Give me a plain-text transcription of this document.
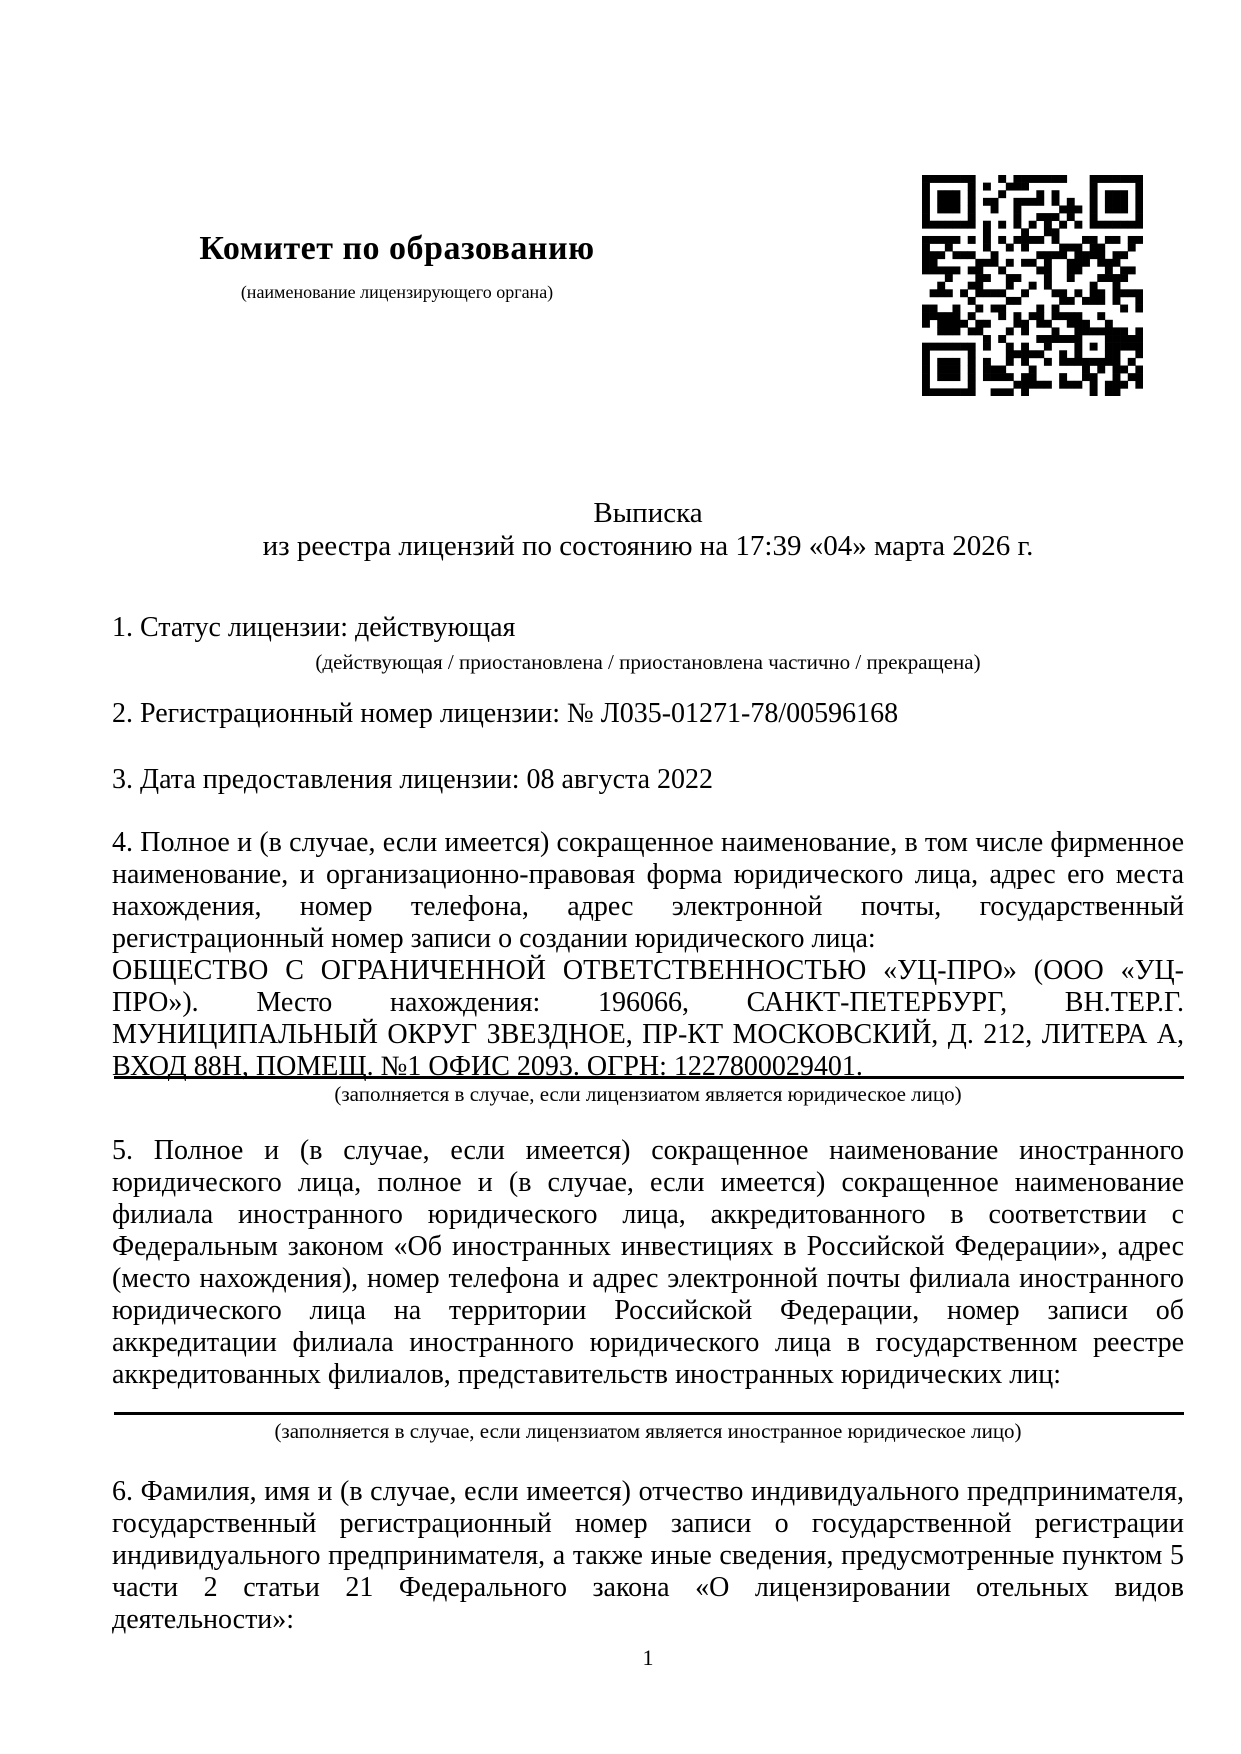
Комитет по образованию
(наименование лицензирующего органа)
Выписка
из реестра лицензий по состоянию на 17:39 «04» марта 2026 г.
1. Статус лицензии: действующая
(действующая / приостановлена / приостановлена частично / прекращена)
2. Регистрационный номер лицензии: № Л035-01271-78/00596168
3. Дата предоставления лицензии: 08 августа 2022
4. Полное и (в случае, если имеется) сокращенное наименование, в том числе фирменное наименование, и организационно-правовая форма юридического лица, адрес его места нахождения, номер телефона, адрес электронной почты, государственный регистрационный номер записи о создании юридического лица:
ОБЩЕСТВО С ОГРАНИЧЕННОЙ ОТВЕТСТВЕННОСТЬЮ «УЦ-ПРО» (ООО «УЦ-ПРО»). Место нахождения: 196066, САНКТ-ПЕТЕРБУРГ, ВН.ТЕР.Г. МУНИЦИПАЛЬНЫЙ ОКРУГ ЗВЕЗДНОЕ, ПР-КТ МОСКОВСКИЙ, Д. 212, ЛИТЕРА А, ВХОД 88Н, ПОМЕЩ. №1 ОФИС 2093. ОГРН: 1227800029401.
(заполняется в случае, если лицензиатом является юридическое лицо)
5. Полное и (в случае, если имеется) сокращенное наименование иностранного юридического лица, полное и (в случае, если имеется) сокращенное наименование филиала иностранного юридического лица, аккредитованного в соответствии с Федеральным законом «Об иностранных инвестициях в Российской Федерации», адрес (место нахождения), номер телефона и адрес электронной почты филиала иностранного юридического лица на территории Российской Федерации, номер записи об аккредитации филиала иностранного юридического лица в государственном реестре аккредитованных филиалов, представительств иностранных юридических лиц:
(заполняется в случае, если лицензиатом является иностранное юридическое лицо)
6. Фамилия, имя и (в случае, если имеется) отчество индивидуального предпринимателя, государственный регистрационный номер записи о государственной регистрации индивидуального предпринимателя, а также иные сведения, предусмотренные пунктом 5 части 2 статьи 21 Федерального закона «О лицензировании отельных видов деятельности»:
1
